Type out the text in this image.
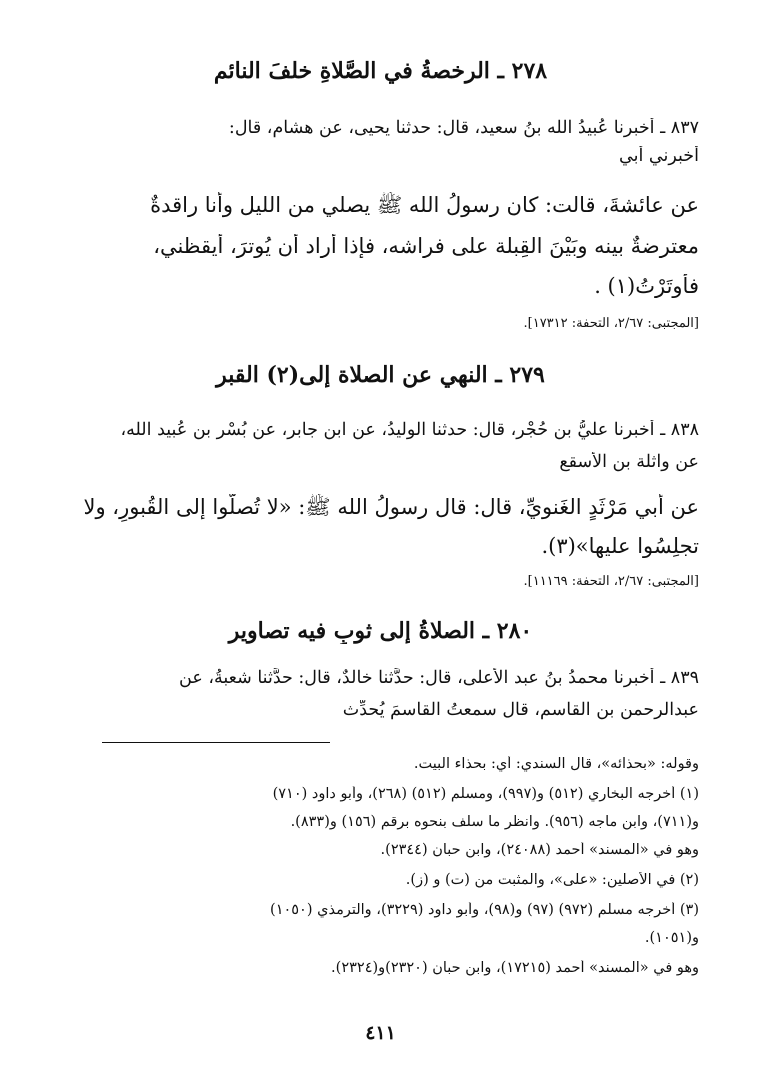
٢٧٨ ـ الرخصةُ في الصَّلاةِ خلفَ النائم
٨٣٧ ـ أخبرنا عُبيدُ الله بنُ سعيد، قال: حدثنا يحيى، عن هشام، قال:
أخبرني أبي
عن عائشةَ، قالت: كان رسولُ الله ﷺ يصلي من الليل وأنا راقدةٌ
معترضةٌ بينه وبَيْنَ القِبلة على فراشه، فإذا أراد أن يُوترَ، أيقظني،
فأَوتَرْتُ(١) .
[المجتبى: ٢/٦٧، التحفة: ١٧٣١٢].
٢٧٩ ـ النهي عن الصلاة إلى(٢) القبر
٨٣٨ ـ أخبرنا عليُّ بن حُجْر، قال: حدثنا الوليدُ، عن ابنِ جابر، عن بُسْر بن عُبيد الله،
عن واثلة بن الأسقع
عن أبي مَرْثَدٍ الغَنويِّ، قال: قال رسولُ الله ﷺ: «لا تُصلُّوا إلى القُبورِ، ولا
تجلِسُوا عليها»(٣).
[المجتبى: ٢/٦٧، التحفة: ١١١٦٩].
٢٨٠ ـ الصلاةُ إلى ثوبٍ فيه تصاوير
٨٣٩ ـ أخبرنا محمدُ بنُ عبد الأعلى، قال: حدَّثنا خالدٌ، قال: حدَّثنا شعبةُ، عن
عبدالرحمن بن القاسم، قال سمعتُ القاسمَ يُحدِّث
وقوله: «بحذائه»، قال السندي: أي: بحذاء البيت.
(١) أخرجه البخاري (٥١٢) و(٩٩٧)، ومسلم (٥١٢) (٢٦٨)، وأبو داود (٧١٠)
و(٧١١)، وابن ماجه (٩٥٦). وانظر ما سلف بنحوه برقم (١٥٦) و(٨٣٣).
وهو في «المسند» أحمد (٢٤٠٨٨)، وابن حبان (٢٣٤٤).
(٢) في الأصلين: «على»، والمثبت من (ت) و (ز).
(٣) أخرجه مسلم (٩٧٢) (٩٧) و(٩٨)، وأبو داود (٣٢٢٩)، والترمذي (١٠٥٠)
و(١٠٥١).
وهو في «المسند» أحمد (١٧٢١٥)، وابن حبان (٢٣٢٠)و(٢٣٢٤).
٤١١
